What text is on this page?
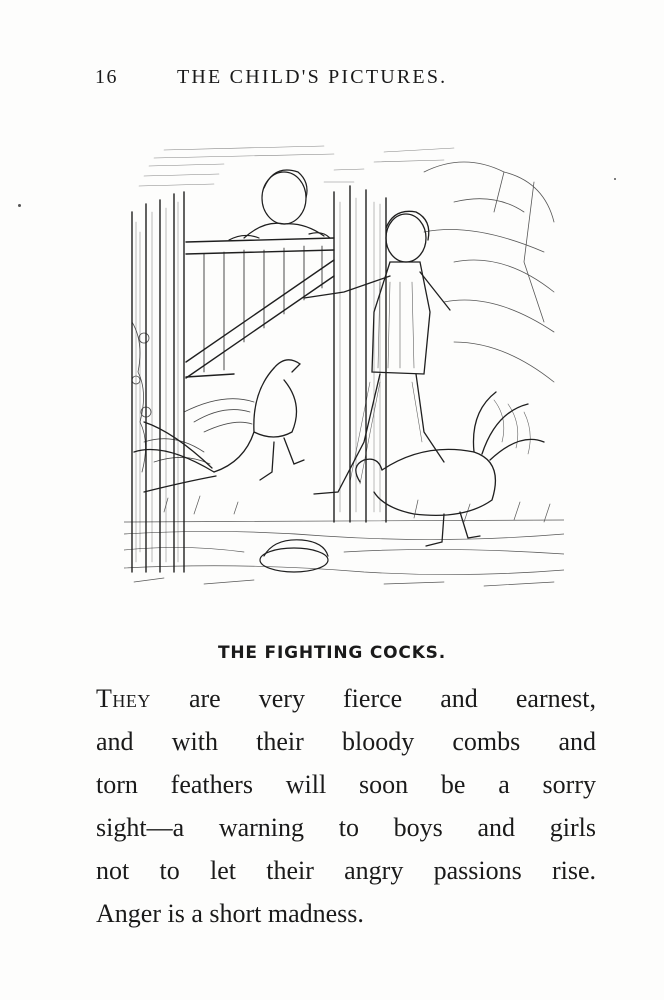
16	THE CHILD'S PICTURES.
THE FIGHTING COCKS.
They are very fierce and earnest,
and with their bloody combs and
torn feathers will soon be a sorry
sight—a warning to boys and girls
not to let their angry passions rise.
Anger is a short madness.
